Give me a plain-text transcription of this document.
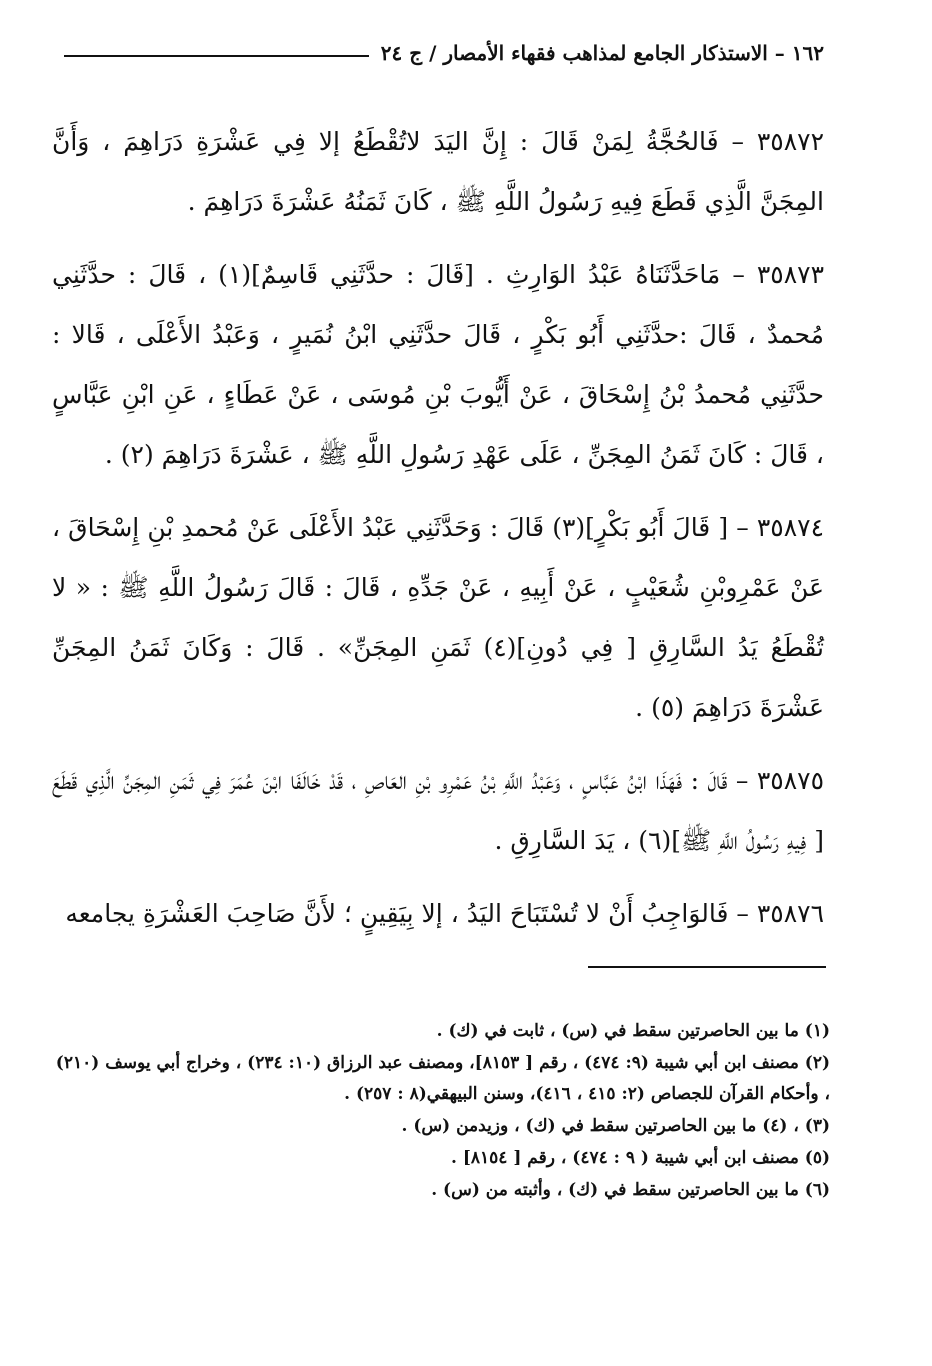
١٦٢ – الاستذكار الجامع لمذاهب فقهاء الأمصار / ج ٢٤

٣٥٨٧٢ – فَالحُجَّةُ لِمَنْ قَالَ : إِنَّ اليَدَ لاتُقْطَعُ إلا فِي عَشْرَةِ دَرَاهِمَ ، وَأَنَّ المِجَنَّ الَّذِي قَطَعَ فِيهِ رَسُولُ اللَّهِ ﷺ ، كَانَ ثَمَنُهُ عَشْرَةَ دَرَاهِمَ .

٣٥٨٧٣ – مَاحَدَّثَنَاهُ عَبْدُ الوَارِثِ . [قَالَ : حدَّثَنِي قَاسِمٌ](١) ، قَالَ : حدَّثَنِي مُحمدٌ ، قَالَ :حدَّثَنِي أَبُو بَكْرٍ ، قَالَ حدَّثَنِي ابْنُ نُمَيرٍ ، وَعَبْدُ الأَعْلَى ، قَالا : حدَّثَنِي مُحمدُ بْنُ إِسْحَاقَ ، عَنْ أَيُّوبَ بْنِ مُوسَى ، عَنْ عَطَاءٍ ، عَنِ ابْنِ عَبَّاسٍ ، قَالَ : كَانَ ثَمَنُ المِجَنِّ ، عَلَى عَهْدِ رَسُولِ اللَّهِ ﷺ ، عَشْرَةَ دَرَاهِمَ (٢) .

٣٥٨٧٤ – [ قَالَ أَبُو بَكْرٍ](٣) قَالَ : وَحَدَّثَنِي عَبْدُ الأَعْلَى عَنْ مُحمدِ بْنِ إِسْحَاقَ ، عَنْ عَمْرِوبْنِ شُعَيْبٍ ، عَنْ أَبِيهِ ، عَنْ جَدِّهِ ، قَالَ : قَالَ رَسُولُ اللَّهِ ﷺ : « لا تُقْطَعُ يَدُ السَّارِقِ [ فِي دُونِ](٤) ثَمَنِ المِجَنِّ» . قَالَ : وَكَانَ ثَمَنُ المِجَنِّ عَشْرَةَ دَرَاهِمَ (٥) .

٣٥٨٧٥ – قَالَ : فَهَذَا ابْنُ عَبَّاسٍ ، وَعَبْدُ اللَّهِ بْنُ عَمْرِو بْنِ العَاصِ ، قَدْ خَالَفَا ابْنَ عُمَرَ فِي ثَمَنِ المِجَنِّ الَّذِي قَطَعَ [ فِيهِ رَسُولُ اللَّهِ ﷺ](٦) ، يَدَ السَّارِقِ .

٣٥٨٧٦ – فَالوَاجِبُ أَنْ لا تُسْتَبَاحَ اليَدُ ، إلا بِيَقِينٍ ؛ لأَنَّ صَاحِبَ العَشْرَةِ يجامعه

(١) ما بين الحاصرتين سقط في (س) ، ثابت في (ك) .

(٢) مصنف ابن أبي شيبة (٩: ٤٧٤) ، رقم [ ٨١٥٣]، ومصنف عبد الرزاق (١٠: ٢٣٤) ، وخراج أبي يوسف (٢١٠) ، وأحكام القرآن للجصاص (٢: ٤١٥ ، ٤١٦)، وسنن البيهقي(٨ : ٢٥٧) .

(٣) ، (٤) ما بين الحاصرتين سقط في (ك) ، وزيدمن (س) .

(٥) مصنف ابن أبي شيبة ( ٩ : ٤٧٤) ، رقم [ ٨١٥٤] .

(٦) ما بين الحاصرتين سقط في (ك) ، وأثبته من (س) .
